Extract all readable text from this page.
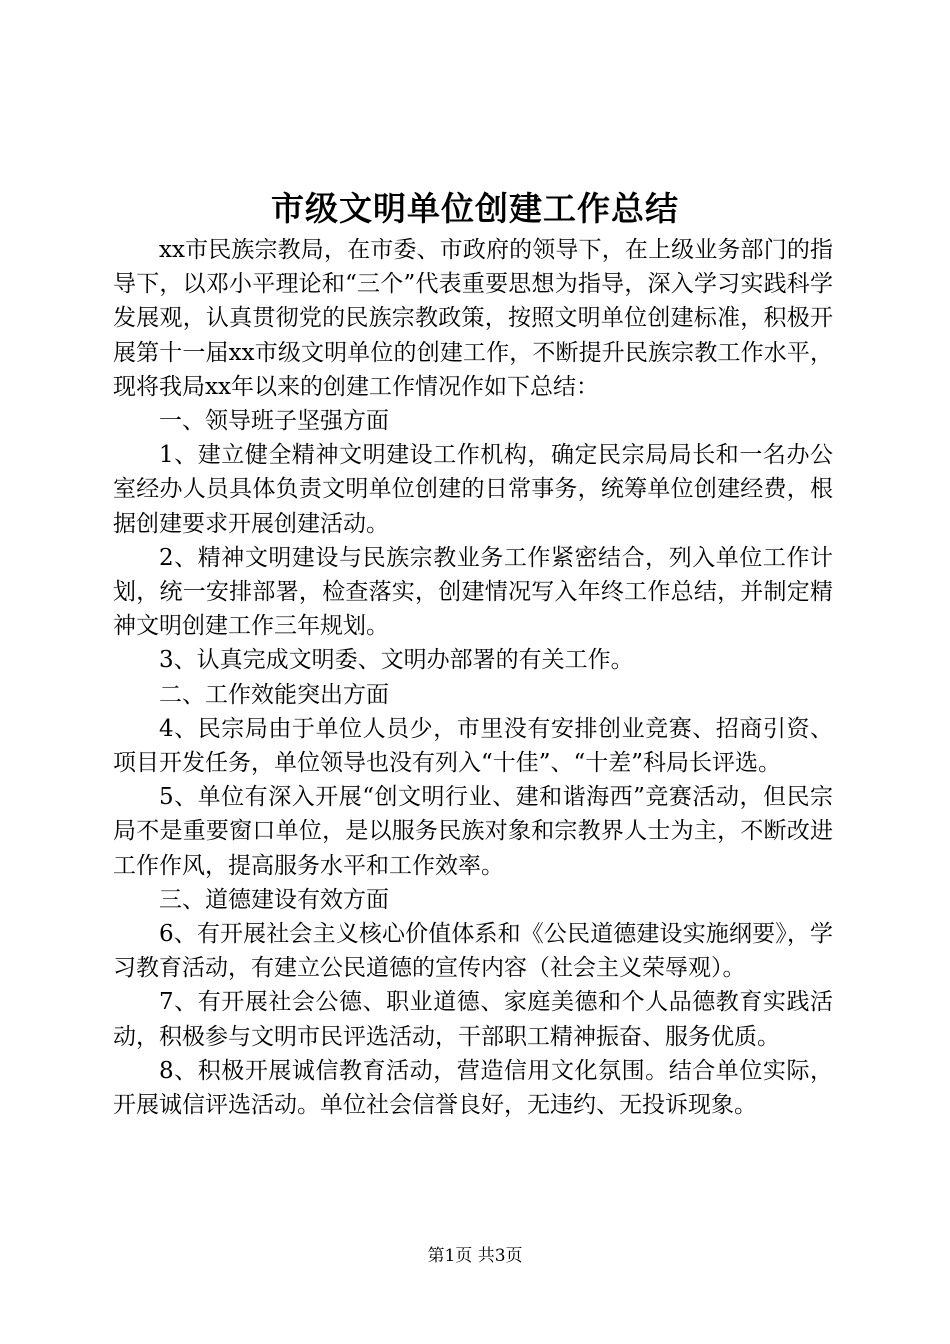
市级文明单位创建工作总结

xx市民族宗教局，在市委、市政府的领导下，在上级业务部门的指导下，以邓小平理论和“三个”代表重要思想为指导，深入学习实践科学发展观，认真贯彻党的民族宗教政策，按照文明单位创建标准，积极开展第十一届xx市级文明单位的创建工作，不断提升民族宗教工作水平，现将我局xx年以来的创建工作情况作如下总结：

一、领导班子坚强方面

1、建立健全精神文明建设工作机构，确定民宗局局长和一名办公室经办人员具体负责文明单位创建的日常事务，统筹单位创建经费，根据创建要求开展创建活动。

2、精神文明建设与民族宗教业务工作紧密结合，列入单位工作计划，统一安排部署，检查落实，创建情况写入年终工作总结，并制定精神文明创建工作三年规划。

3、认真完成文明委、文明办部署的有关工作。

二、工作效能突出方面

4、民宗局由于单位人员少，市里没有安排创业竞赛、招商引资、项目开发任务，单位领导也没有列入“十佳”、“十差”科局长评选。

5、单位有深入开展“创文明行业、建和谐海西”竞赛活动，但民宗局不是重要窗口单位，是以服务民族对象和宗教界人士为主，不断改进工作作风，提高服务水平和工作效率。

三、道德建设有效方面

6、有开展社会主义核心价值体系和《公民道德建设实施纲要》，学习教育活动，有建立公民道德的宣传内容（社会主义荣辱观）。

7、有开展社会公德、职业道德、家庭美德和个人品德教育实践活动，积极参与文明市民评选活动，干部职工精神振奋、服务优质。

8、积极开展诚信教育活动，营造信用文化氛围。结合单位实际，开展诚信评选活动。单位社会信誉良好，无违约、无投诉现象。

第1页 共3页
